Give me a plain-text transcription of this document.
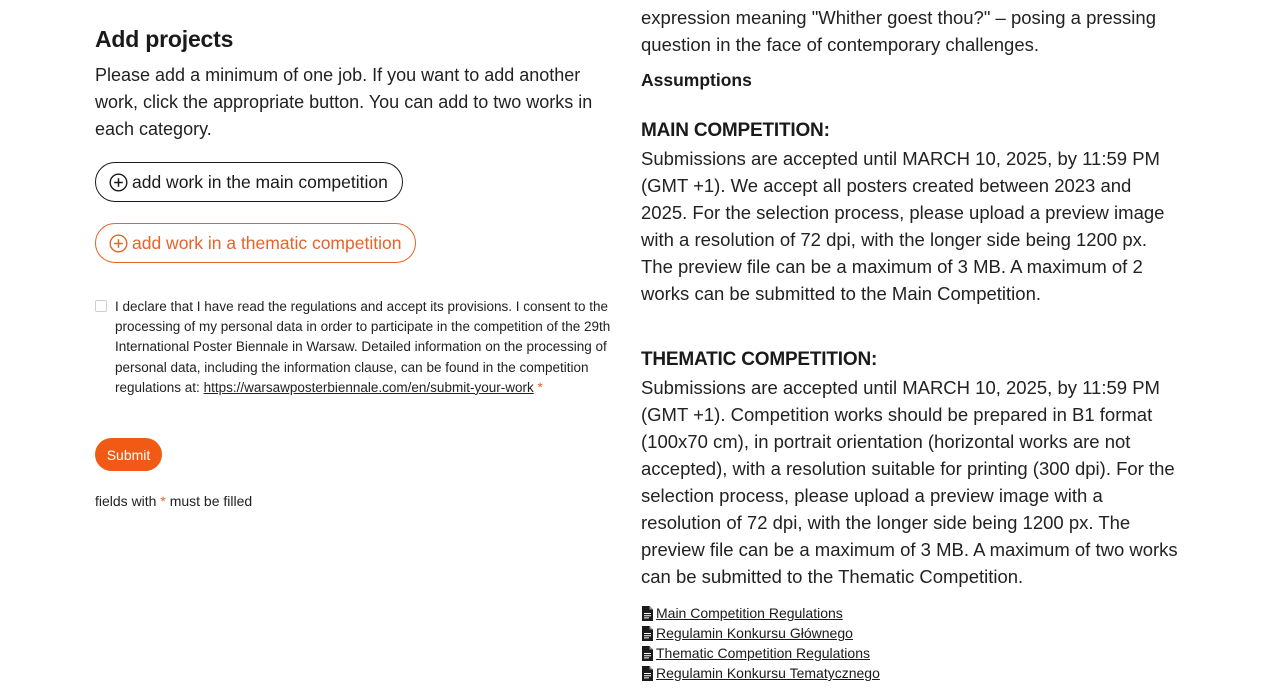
Add projects
Please add a minimum of one job. If you want to add another work, click the appropriate button. You can add to two works in each category.
add work in the main competition
add work in a thematic competition
I declare that I have read the regulations and accept its provisions. I consent to the processing of my personal data in order to participate in the competition of the 29th International Poster Biennale in Warsaw. Detailed information on the processing of personal data, including the information clause, can be found in the competition regulations at: https://warsawposterbiennale.com/en/submit-your-work *
Submit
fields with * must be filled
expression meaning "Whither goest thou?" – posing a pressing question in the face of contemporary challenges.
Assumptions
MAIN COMPETITION:
Submissions are accepted until MARCH 10, 2025, by 11:59 PM (GMT +1). We accept all posters created between 2023 and 2025. For the selection process, please upload a preview image with a resolution of 72 dpi, with the longer side being 1200 px. The preview file can be a maximum of 3 MB. A maximum of 2 works can be submitted to the Main Competition.
THEMATIC COMPETITION:
Submissions are accepted until MARCH 10, 2025, by 11:59 PM (GMT +1). Competition works should be prepared in B1 format (100x70 cm), in portrait orientation (horizontal works are not accepted), with a resolution suitable for printing (300 dpi). For the selection process, please upload a preview image with a resolution of 72 dpi, with the longer side being 1200 px. The preview file can be a maximum of 3 MB. A maximum of two works can be submitted to the Thematic Competition.
Main Competition Regulations
Regulamin Konkursu Głównego
Thematic Competition Regulations
Regulamin Konkursu Tematycznego
